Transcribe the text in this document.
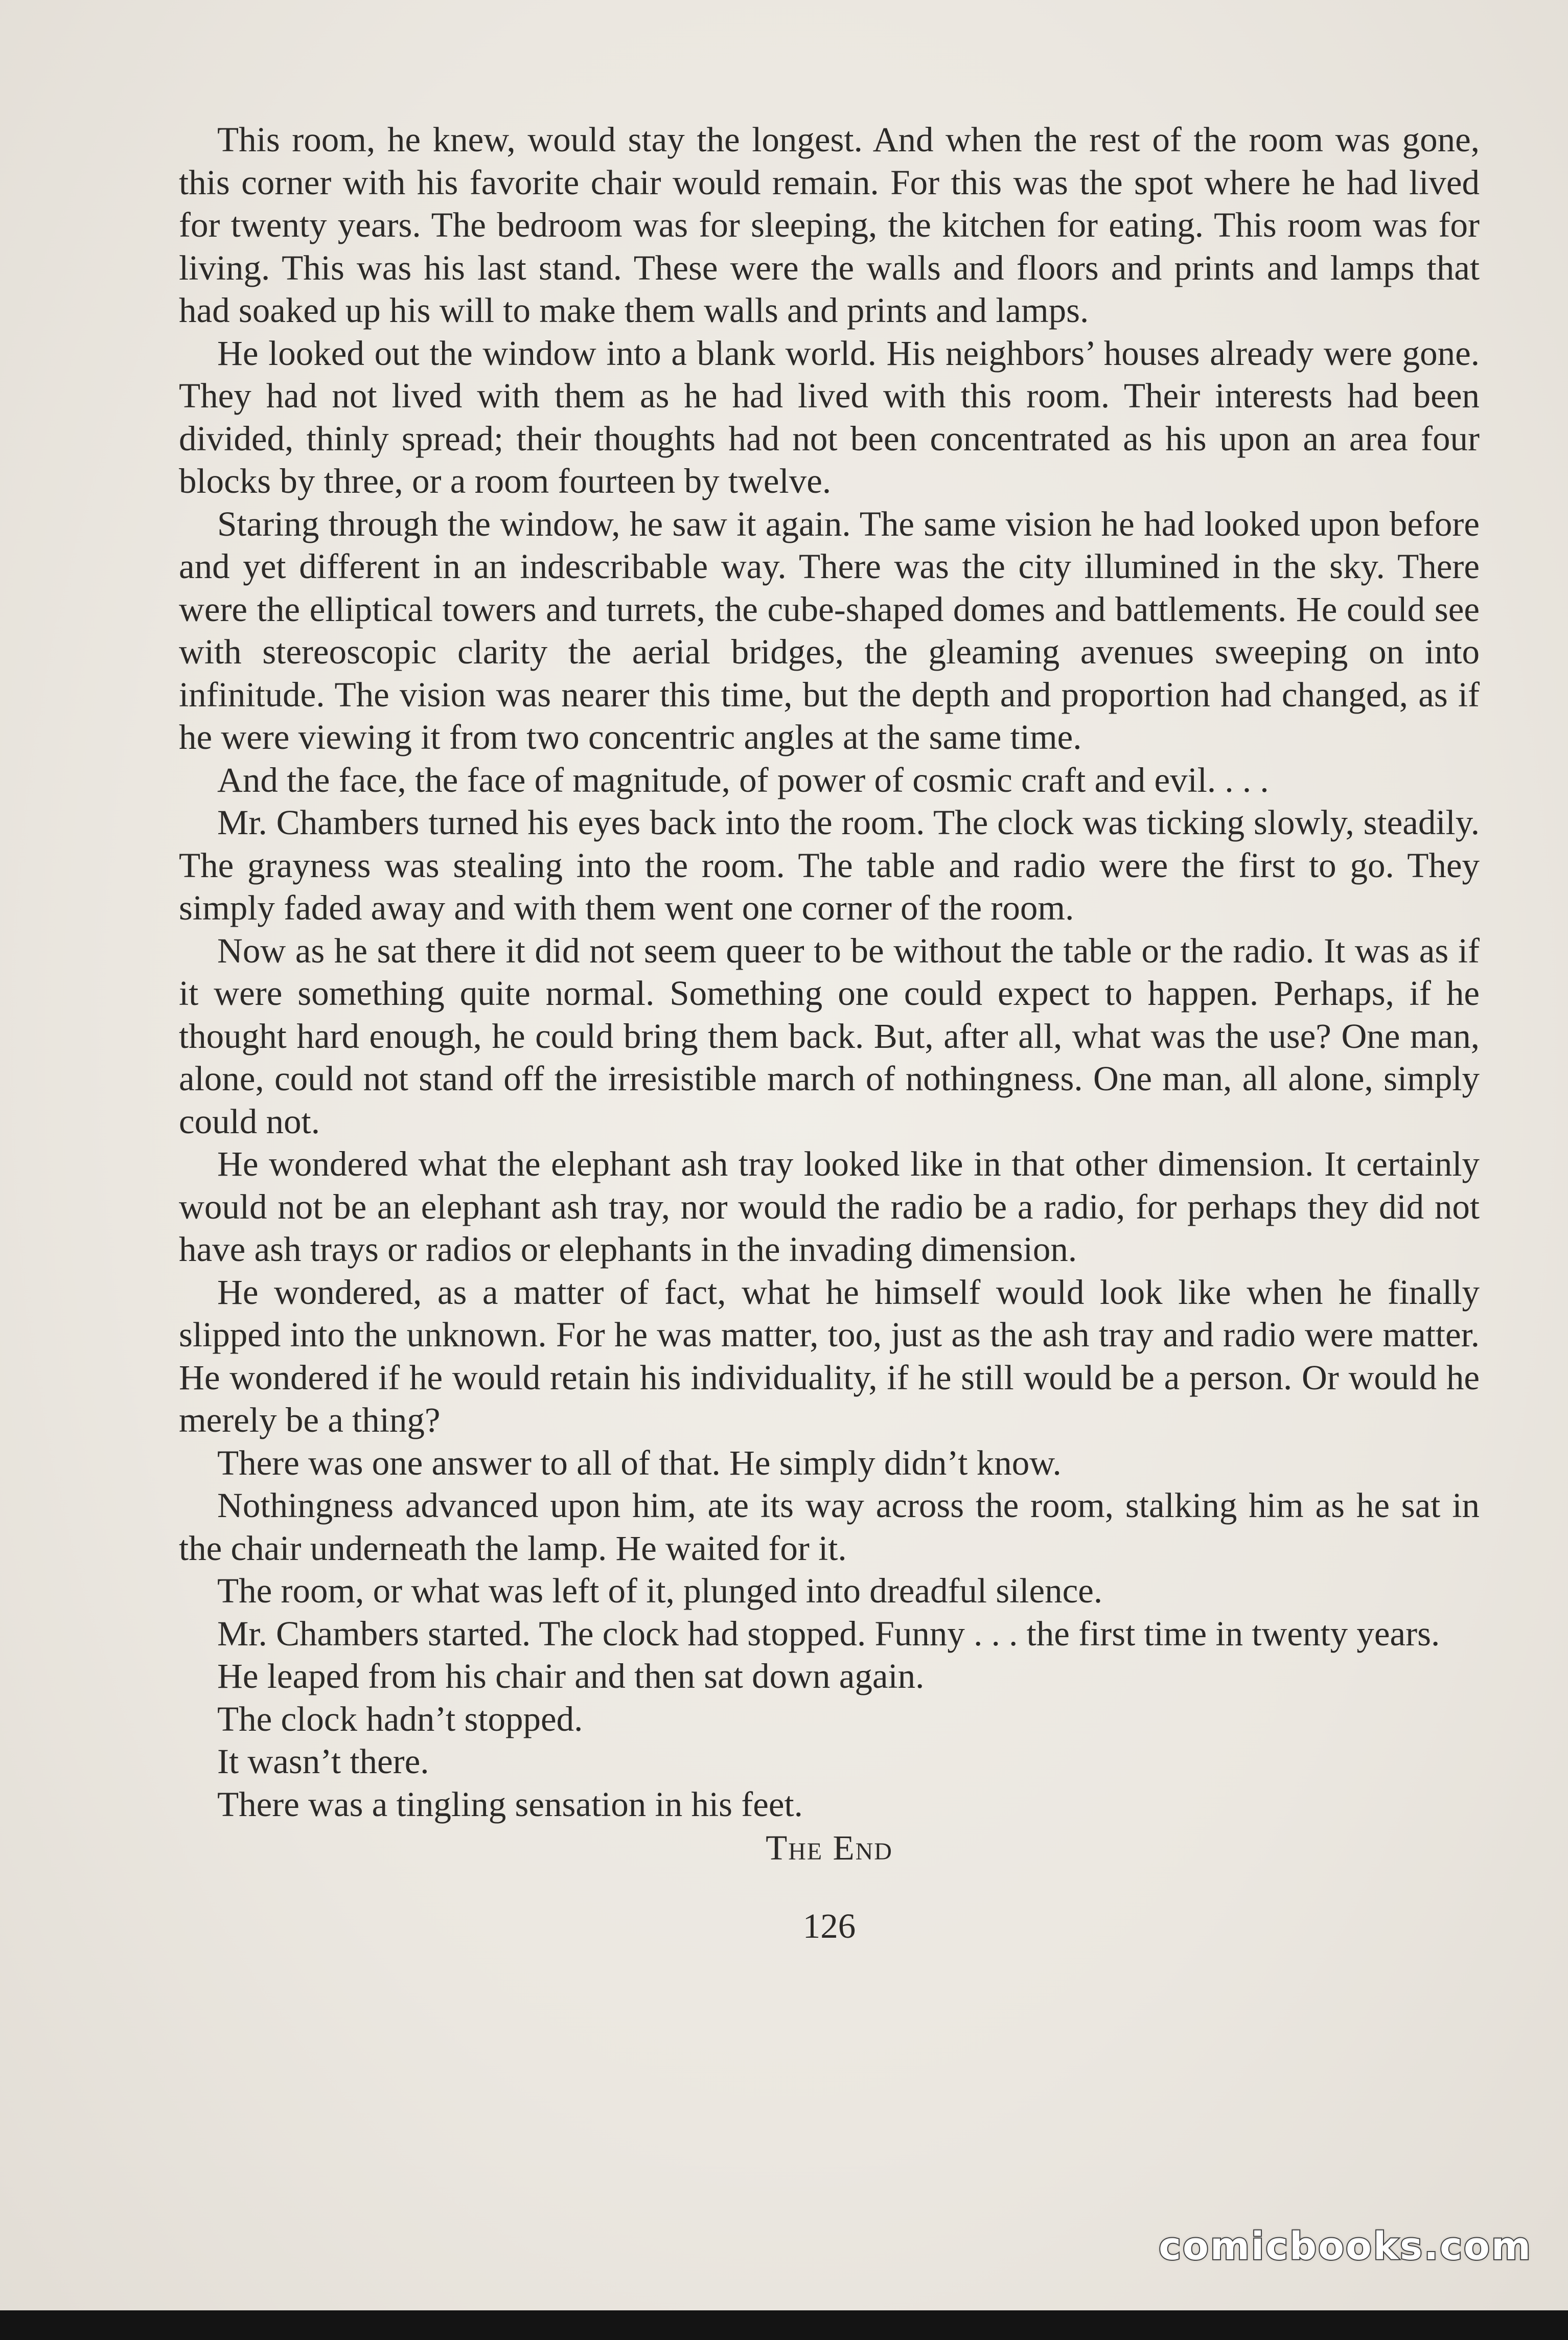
This room, he knew, would stay the longest. And when the rest of the room was gone, this corner with his favorite chair would remain. For this was the spot where he had lived for twenty years. The bedroom was for sleeping, the kitchen for eating. This room was for living. This was his last stand. These were the walls and floors and prints and lamps that had soaked up his will to make them walls and prints and lamps.

He looked out the window into a blank world. His neighbors’ houses already were gone. They had not lived with them as he had lived with this room. Their interests had been divided, thinly spread; their thoughts had not been concentrated as his upon an area four blocks by three, or a room fourteen by twelve.

Staring through the window, he saw it again. The same vision he had looked upon before and yet different in an indescribable way. There was the city illumined in the sky. There were the elliptical towers and turrets, the cube-shaped domes and battlements. He could see with stereoscopic clarity the aerial bridges, the gleaming avenues sweeping on into infinitude. The vision was nearer this time, but the depth and proportion had changed, as if he were viewing it from two concentric angles at the same time.

And the face, the face of magnitude, of power of cosmic craft and evil. . . .

Mr. Chambers turned his eyes back into the room. The clock was ticking slowly, steadily. The grayness was stealing into the room. The table and radio were the first to go. They simply faded away and with them went one corner of the room.

Now as he sat there it did not seem queer to be without the table or the radio. It was as if it were something quite normal. Something one could expect to happen. Perhaps, if he thought hard enough, he could bring them back. But, after all, what was the use? One man, alone, could not stand off the irresistible march of nothingness. One man, all alone, simply could not.

He wondered what the elephant ash tray looked like in that other dimension. It certainly would not be an elephant ash tray, nor would the radio be a radio, for perhaps they did not have ash trays or radios or elephants in the invading dimension.

He wondered, as a matter of fact, what he himself would look like when he finally slipped into the unknown. For he was matter, too, just as the ash tray and radio were matter. He wondered if he would retain his individuality, if he still would be a person. Or would he merely be a thing?

There was one answer to all of that. He simply didn’t know.

Nothingness advanced upon him, ate its way across the room, stalking him as he sat in the chair underneath the lamp. He waited for it.

The room, or what was left of it, plunged into dreadful silence.

Mr. Chambers started. The clock had stopped. Funny . . . the first time in twenty years.

He leaped from his chair and then sat down again.

The clock hadn’t stopped.

It wasn’t there.

There was a tingling sensation in his feet.

The End

126

comicbooks.com
